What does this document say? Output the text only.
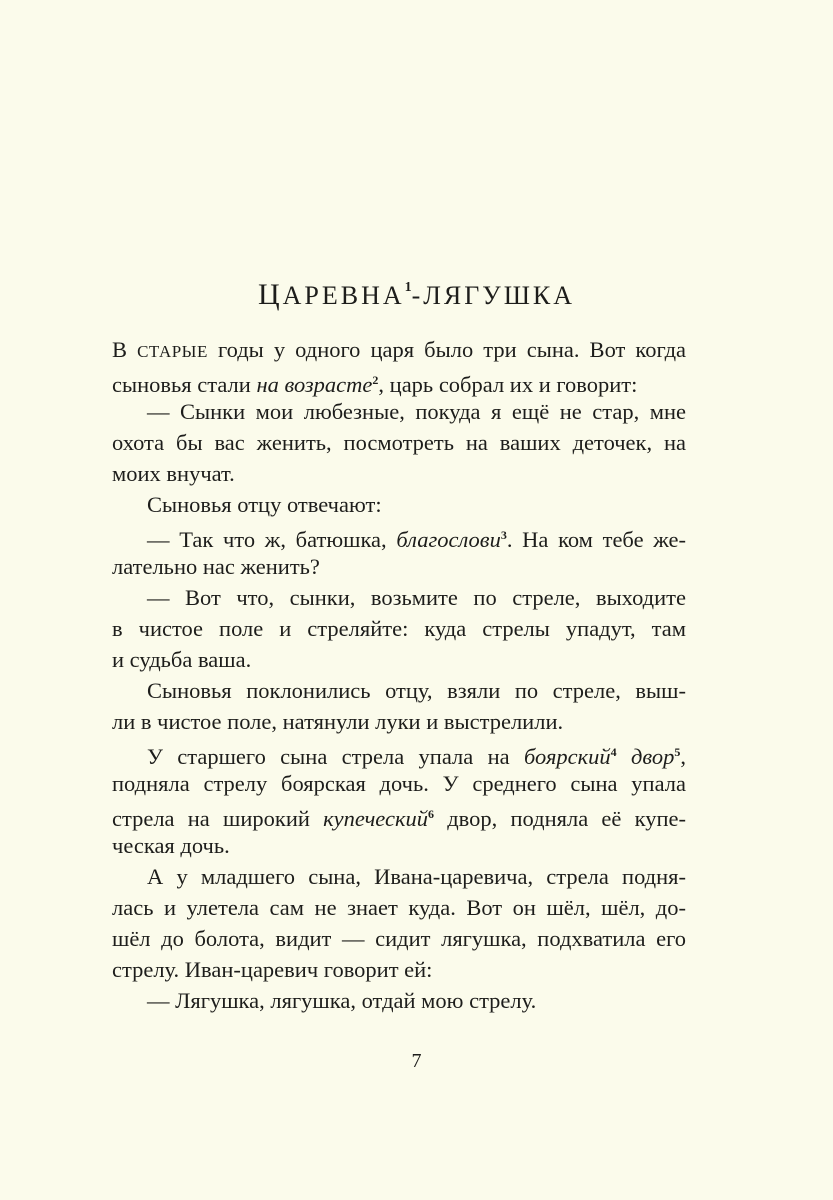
ЦАРЕВНА$^1$-ЛЯГУШКА
В СТАРЫЕ годы у одного царя было три сына. Вот когда
сыновья стали на возрасте$^2$, царь собрал их и говорит:
— Сынки мои любезные, покуда я ещё не стар, мне
охота бы вас женить, посмотреть на ваших деточек, на
моих внучат.
Сыновья отцу отвечают:
— Так что ж, батюшка, благослови$^3$. На ком тебе же-
лательно нас женить?
— Вот что, сынки, возьмите по стреле, выходите
в чистое поле и стреляйте: куда стрелы упадут, там
и судьба ваша.
Сыновья поклонились отцу, взяли по стреле, выш-
ли в чистое поле, натянули луки и выстрелили.
У старшего сына стрела упала на боярский$^4$ двор$^5$,
подняла стрелу боярская дочь. У среднего сына упала
стрела на широкий купеческий$^6$ двор, подняла её купе-
ческая дочь.
А у младшего сына, Ивана-царевича, стрела подня-
лась и улетела сам не знает куда. Вот он шёл, шёл, до-
шёл до болота, видит — сидит лягушка, подхватила его
стрелу. Иван-царевич говорит ей:
— Лягушка, лягушка, отдай мою стрелу.
7
